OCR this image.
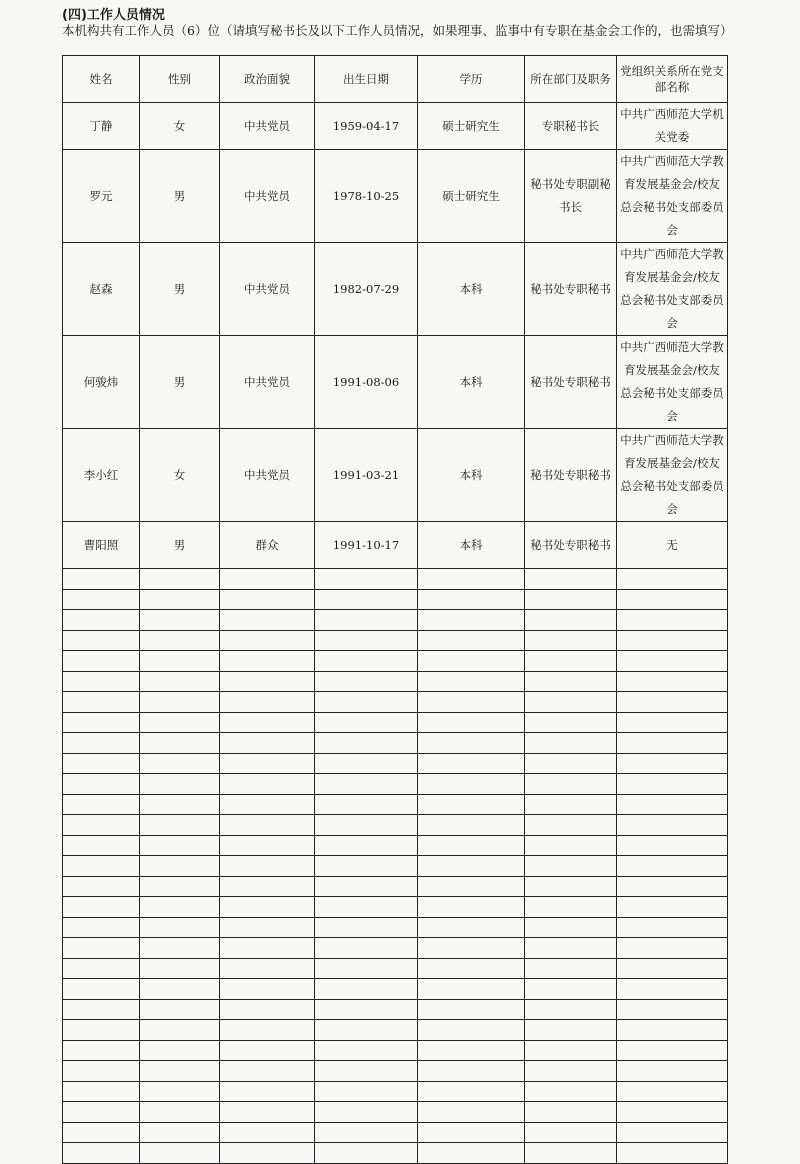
(四)工作人员情况
本机构共有工作人员（6）位（请填写秘书长及以下工作人员情况，如果理事、监事中有专职在基金会工作的，也需填写）
姓名	性别	政治面貌	出生日期	学历	所在部门及职务	党组织关系所在党支部名称
丁静	女	中共党员	1959-04-17	硕士研究生	专职秘书长	中共广西师范大学机关党委
罗元	男	中共党员	1978-10-25	硕士研究生	秘书处专职副秘书长	中共广西师范大学教育发展基金会/校友总会秘书处支部委员会
赵森	男	中共党员	1982-07-29	本科	秘书处专职秘书	中共广西师范大学教育发展基金会/校友总会秘书处支部委员会
何骏炜	男	中共党员	1991-08-06	本科	秘书处专职秘书	中共广西师范大学教育发展基金会/校友总会秘书处支部委员会
李小红	女	中共党员	1991-03-21	本科	秘书处专职秘书	中共广西师范大学教育发展基金会/校友总会秘书处支部委员会
曹阳照	男	群众	1991-10-17	本科	秘书处专职秘书	无
